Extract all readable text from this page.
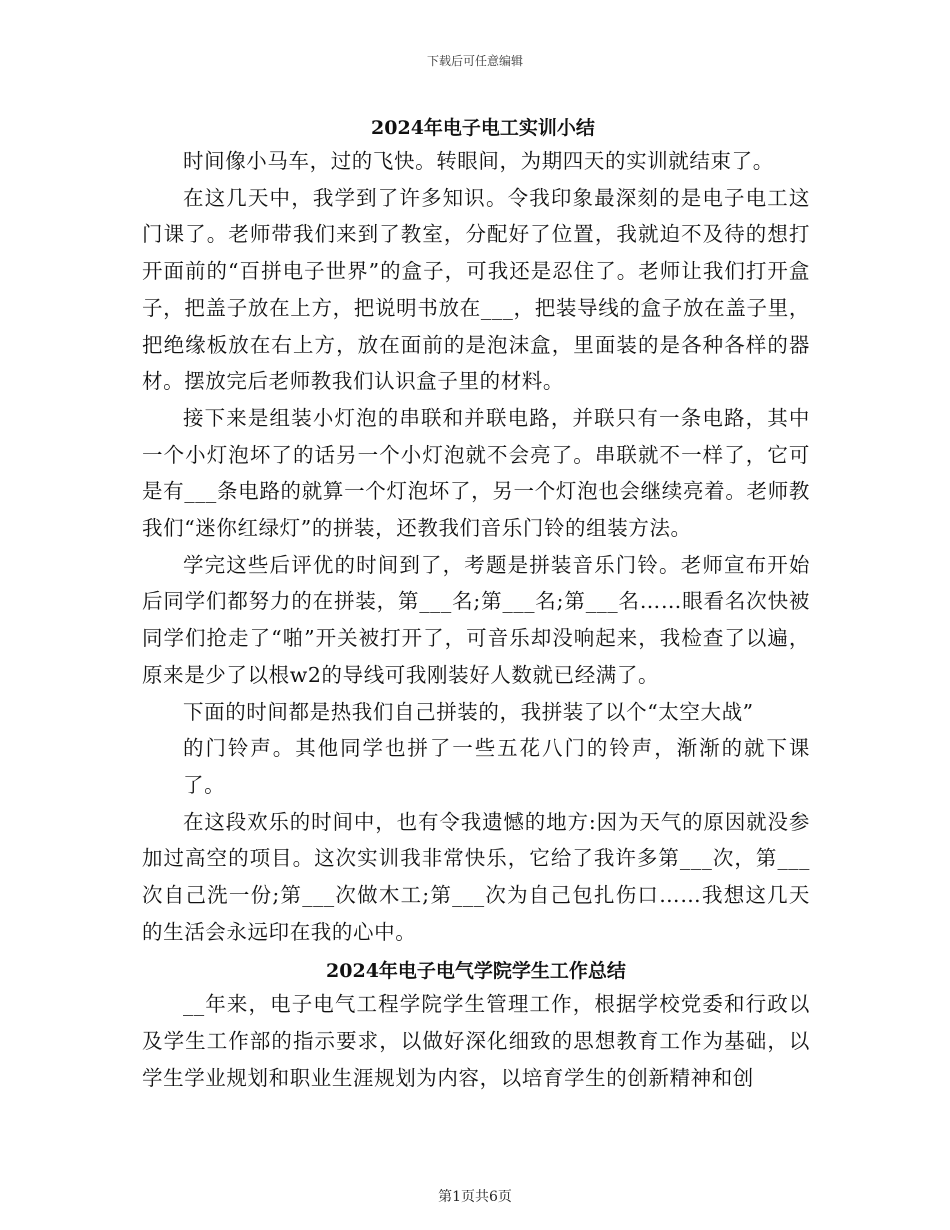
下载后可任意编辑
2024年电子电工实训小结

时间像小马车，过的飞快。转眼间，为期四天的实训就结束了。

在这几天中，我学到了许多知识。令我印象最深刻的是电子电工这门课了。老师带我们来到了教室，分配好了位置，我就迫不及待的想打开面前的“百拼电子世界”的盒子，可我还是忍住了。老师让我们打开盒子，把盖子放在上方，把说明书放在___，把装导线的盒子放在盖子里，把绝缘板放在右上方，放在面前的是泡沫盒，里面装的是各种各样的器材。摆放完后老师教我们认识盒子里的材料。

接下来是组装小灯泡的串联和并联电路，并联只有一条电路，其中一个小灯泡坏了的话另一个小灯泡就不会亮了。串联就不一样了，它可是有___条电路的就算一个灯泡坏了，另一个灯泡也会继续亮着。老师教我们“迷你红绿灯”的拼装，还教我们音乐门铃的组装方法。

学完这些后评优的时间到了，考题是拼装音乐门铃。老师宣布开始后同学们都努力的在拼装，第___名;第___名;第___名……眼看名次快被同学们抢走了“啪”开关被打开了，可音乐却没响起来，我检查了以遍，原来是少了以根w2的导线可我刚装好人数就已经满了。

下面的时间都是热我们自己拼装的，我拼装了以个“太空大战”

的门铃声。其他同学也拼了一些五花八门的铃声，渐渐的就下课了。

在这段欢乐的时间中，也有令我遗憾的地方:因为天气的原因就没参加过高空的项目。这次实训我非常快乐，它给了我许多第___次，第___次自己洗一份;第___次做木工;第___次为自己包扎伤口……我想这几天的生活会永远印在我的心中。

2024年电子电气学院学生工作总结

__年来，电子电气工程学院学生管理工作，根据学校党委和行政以及学生工作部的指示要求，以做好深化细致的思想教育工作为基础，以学生学业规划和职业生涯规划为内容，以培育学生的创新精神和创

第1页共6页
